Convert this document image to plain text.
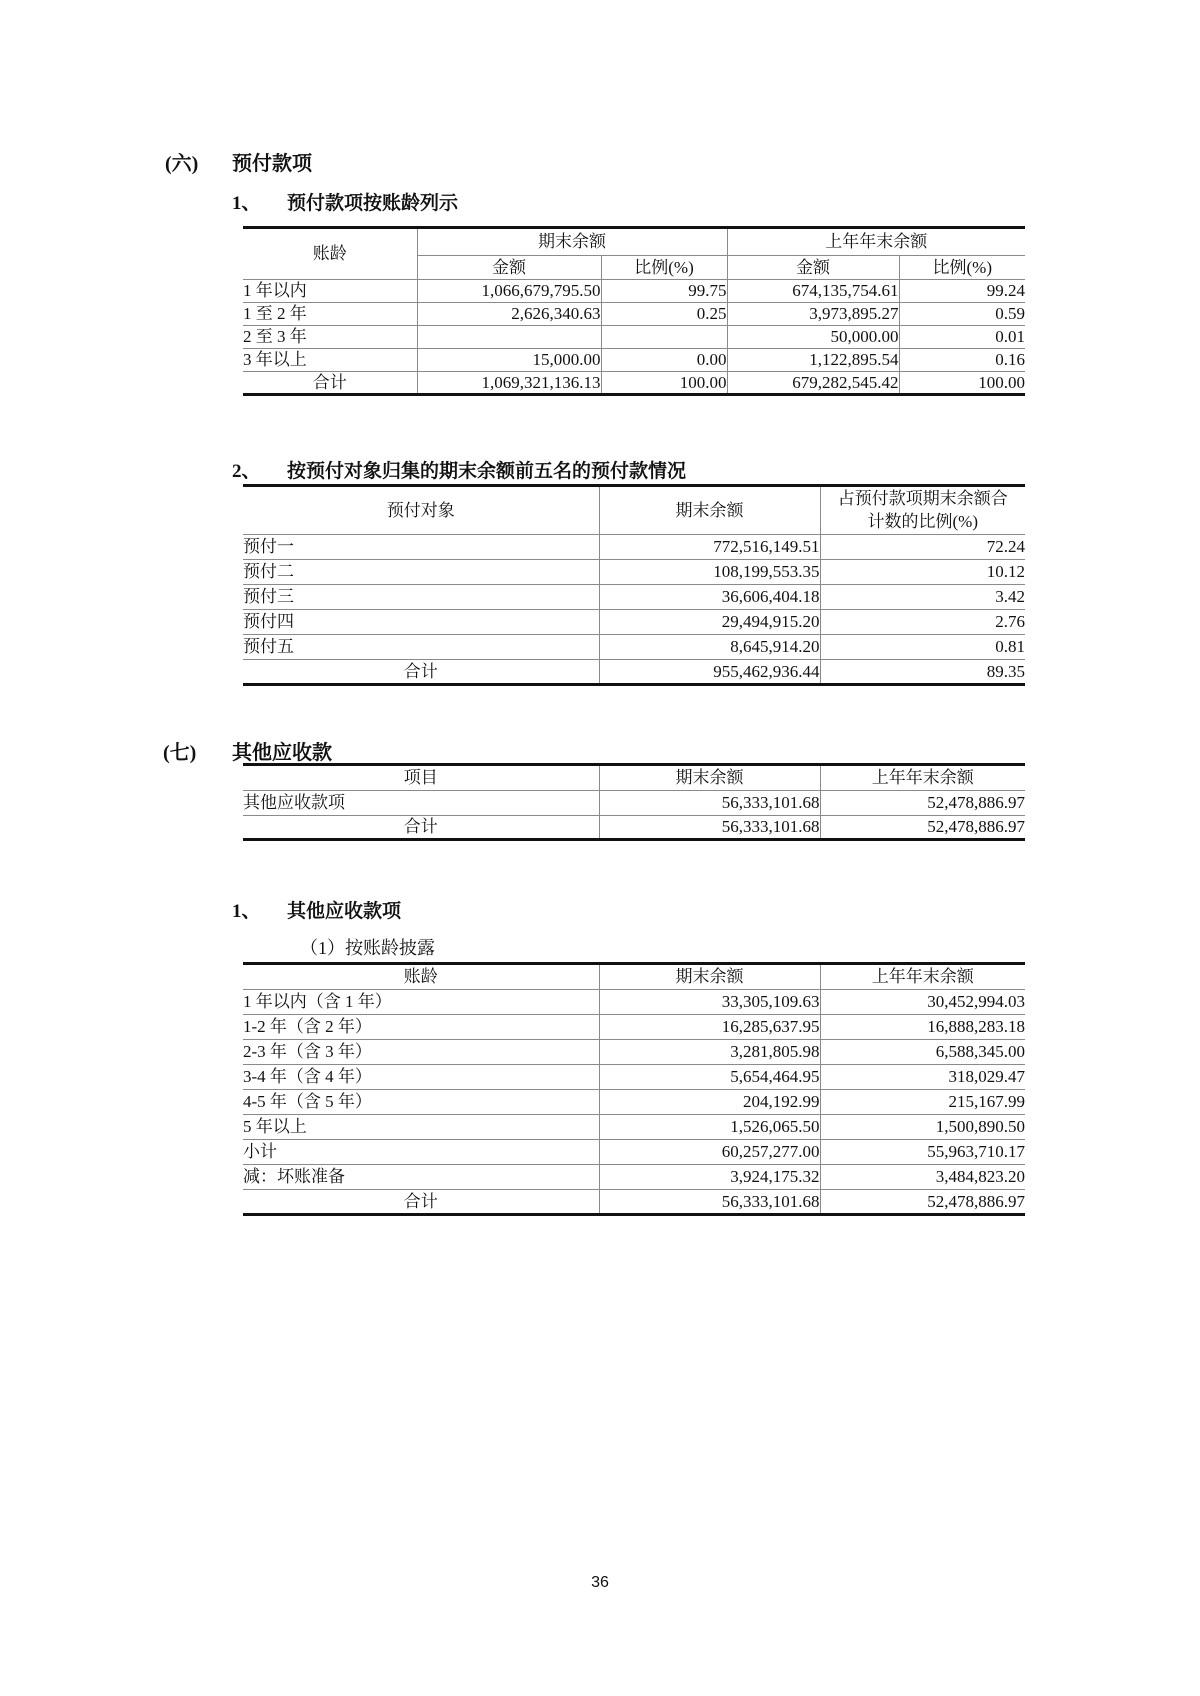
(六) 预付款项
1、 预付款项按账龄列示
账龄	期末余额		上年年末余额	
	金额	比例(%)	金额	比例(%)
1 年以内	1,066,679,795.50	99.75	674,135,754.61	99.24
1 至 2 年	2,626,340.63	0.25	3,973,895.27	0.59
2 至 3 年			50,000.00	0.01
3 年以上	15,000.00	0.00	1,122,895.54	0.16
合计	1,069,321,136.13	100.00	679,282,545.42	100.00
2、 按预付对象归集的期末余额前五名的预付款情况
预付对象	期末余额	占预付款项期末余额合
计数的比例(%)

预付一	772,516,149.51	72.24
预付二	108,199,553.35	10.12
预付三	36,606,404.18	3.42
预付四	29,494,915.20	2.76
预付五	8,645,914.20	0.81
合计	955,462,936.44	89.35
(七) 其他应收款
项目	期末余额	上年年末余额
其他应收款项	56,333,101.68	52,478,886.97
合计	56,333,101.68	52,478,886.97
1、 其他应收款项
（1）按账龄披露
账龄	期末余额	上年年末余额
1 年以内（含 1 年）	33,305,109.63	30,452,994.03
1-2 年（含 2 年）	16,285,637.95	16,888,283.18
2-3 年（含 3 年）	3,281,805.98	6,588,345.00
3-4 年（含 4 年）	5,654,464.95	318,029.47
4-5 年（含 5 年）	204,192.99	215,167.99
5 年以上	1,526,065.50	1,500,890.50
小计	60,257,277.00	55,963,710.17
减：坏账准备	3,924,175.32	3,484,823.20
合计	56,333,101.68	52,478,886.97
36
